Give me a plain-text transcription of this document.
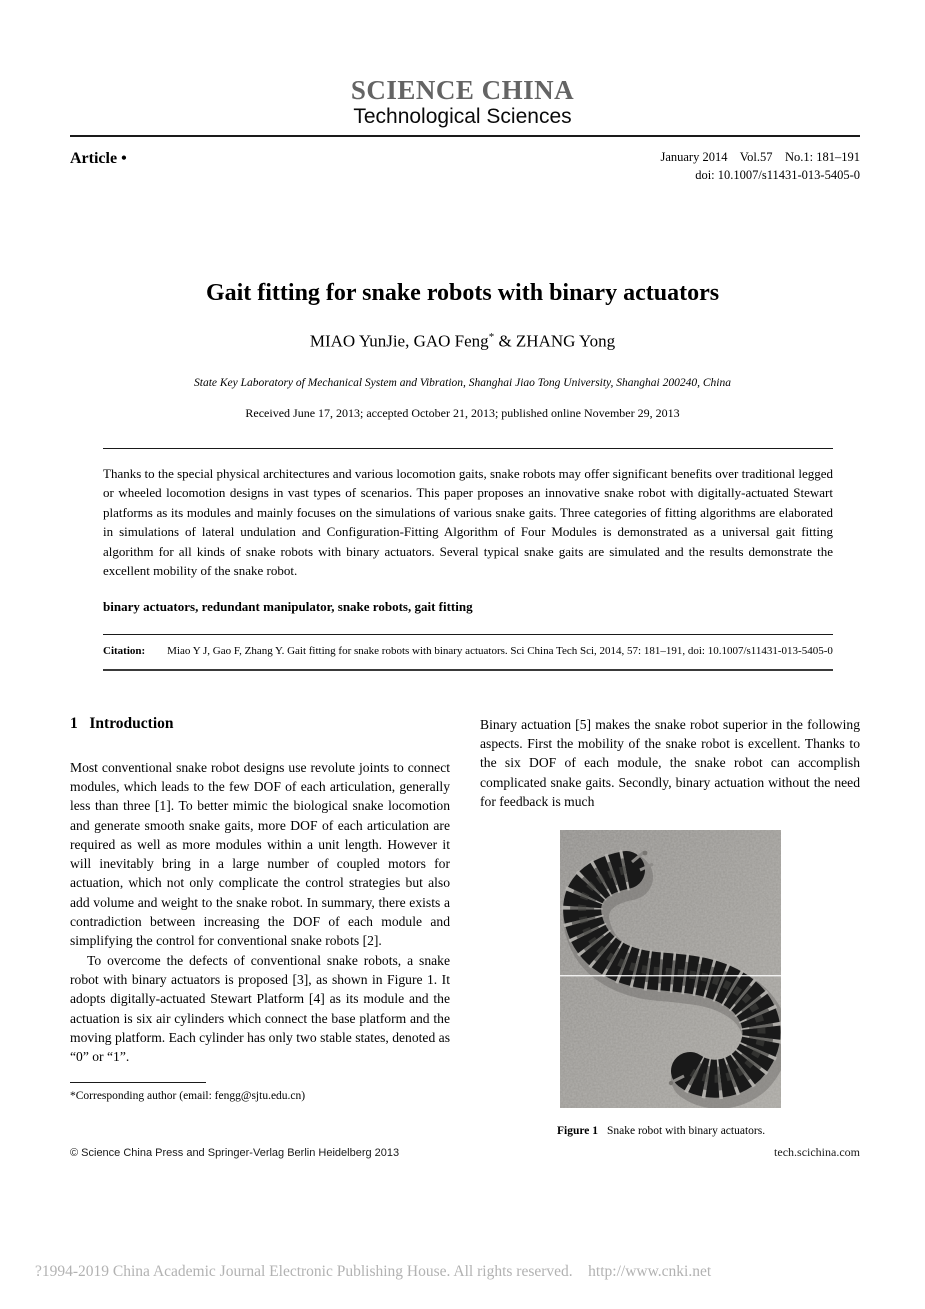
SCIENCE CHINA
Technological Sciences
Article •	January 2014    Vol.57    No.1: 181–191
doi: 10.1007/s11431-013-5405-0
Gait fitting for snake robots with binary actuators
MIAO YunJie, GAO Feng* & ZHANG Yong
State Key Laboratory of Mechanical System and Vibration, Shanghai Jiao Tong University, Shanghai 200240, China
Received June 17, 2013; accepted October 21, 2013; published online November 29, 2013

Thanks to the special physical architectures and various locomotion gaits, snake robots may offer significant benefits over traditional legged or wheeled locomotion designs in vast types of scenarios. This paper proposes an innovative snake robot with digitally-actuated Stewart platforms as its modules and mainly focuses on the simulations of various snake gaits. Three categories of fitting algorithms are elaborated in simulations of lateral undulation and Configuration-Fitting Algorithm of Four Modules is demonstrated as a universal gait fitting algorithm for all kinds of snake robots with binary actuators. Several typical snake gaits are simulated and the results demonstrate the excellent mobility of the snake robot.

binary actuators, redundant manipulator, snake robots, gait fitting
Citation: Miao Y J, Gao F, Zhang Y. Gait fitting for snake robots with binary actuators. Sci China Tech Sci, 2014, 57: 181–191, doi: 10.1007/s11431-013-5405-0
1   Introduction

Most conventional snake robot designs use revolute joints to connect modules, which leads to the few DOF of each articulation, generally less than three [1]. To better mimic the biological snake locomotion and generate smooth snake gaits, more DOF of each articulation are required as well as more modules within a unit length. However it will inevitably bring in a large number of coupled motors for actuation, which not only complicate the control strategies but also add volume and weight to the snake robot. In summary, there exists a contradiction between increasing the DOF of each module and simplifying the control for conventional snake robots [2].

To overcome the defects of conventional snake robots, a snake robot with binary actuators is proposed [3], as shown in Figure 1. It adopts digitally-actuated Stewart Platform [4] as its module and the actuation is six air cylinders which connect the base platform and the moving platform. Each cylinder has only two stable states, denoted as “0” or “1”.

*Corresponding author (email: fengg@sjtu.edu.cn)

Binary actuation [5] makes the snake robot superior in the following aspects. First the mobility of the snake robot is excellent. Thanks to the six DOF of each module, the snake robot can accomplish complicated snake gaits. Secondly, binary actuation without the need for feedback is much

Figure 1 Snake robot with binary actuators.
© Science China Press and Springer-Verlag Berlin Heidelberg 2013	tech.scichina.com
?1994-2019 China Academic Journal Electronic Publishing House. All rights reserved.    http://www.cnki.net
